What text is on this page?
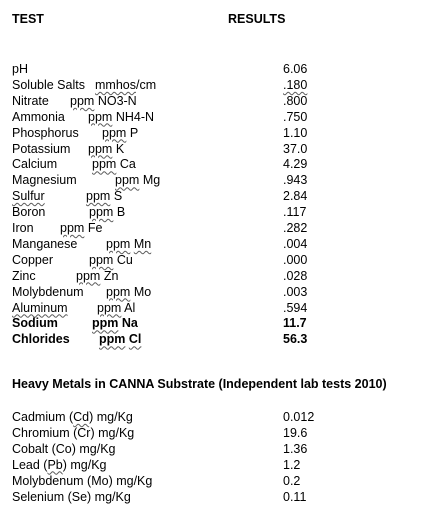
TEST	RESULTS
pH	6.06
Soluble Salts mmhos/cm	.180
Nitrate ppm NO3-N	.800
Ammonia ppm NH4-N	.750
Phosphorus ppm P	1.10
Potassium ppm K	37.0
Calcium	ppm Ca	4.29
Magnesium	ppm Mg	.943
Sulfur	ppm S	2.84
Boron	ppm B	.117
Iron ppm Fe	.282
Manganese ppm Mn	.004
Copper	ppm Cu	.000
Zinc	ppm Zn	.028
Molybdenum ppm Mo	.003
Aluminum ppm Al	.594
Sodium	ppm Na	11.7
Chlorides ppm Cl	56.3
Heavy Metals in CANNA Substrate (Independent lab tests 2010)
Cadmium (Cd) mg/Kg	0.012
Chromium (Cr) mg/Kg	19.6
Cobalt (Co) mg/Kg	1.36
Lead (Pb) mg/Kg	1.2
Molybdenum (Mo) mg/Kg	0.2
Selenium (Se) mg/Kg	0.11
